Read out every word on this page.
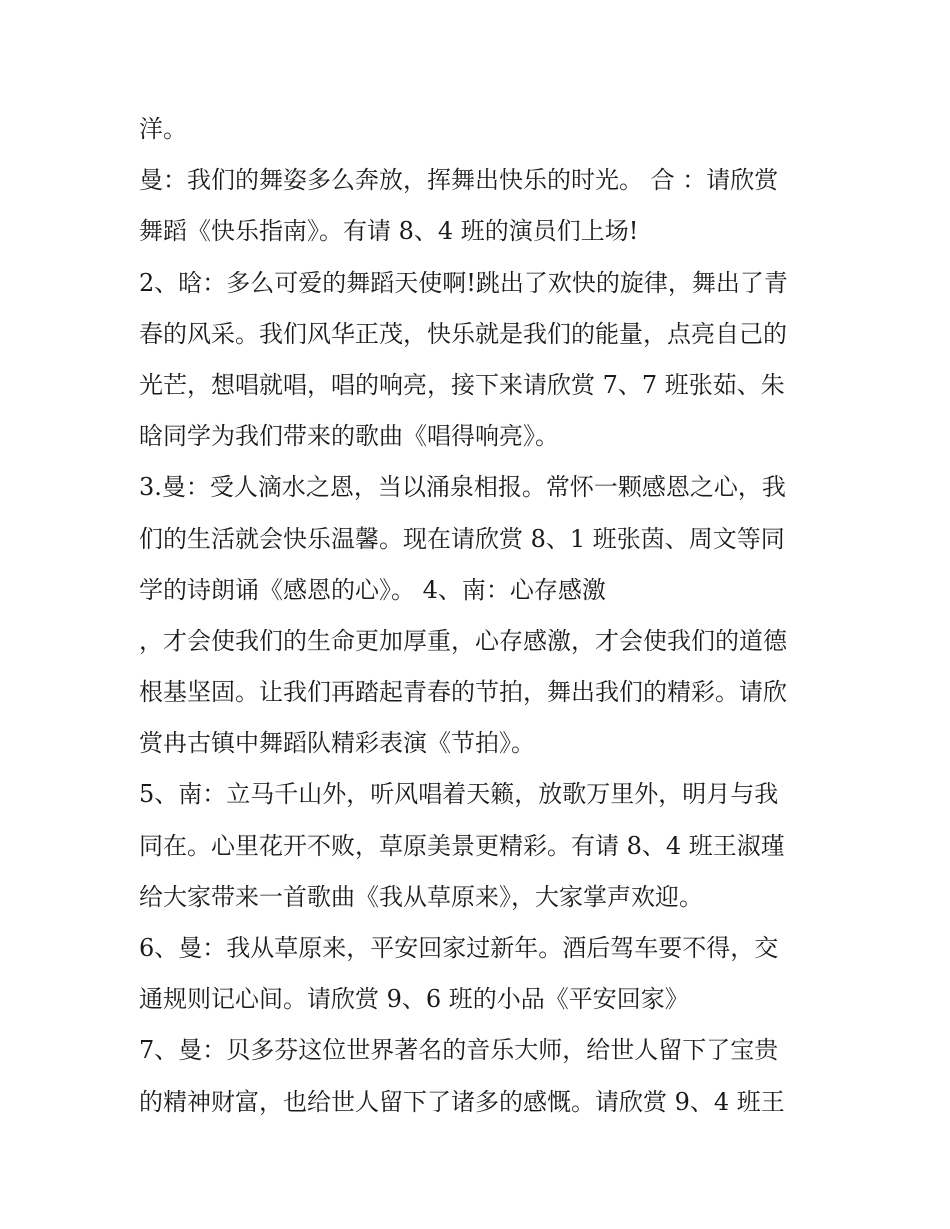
洋。
曼：我们的舞姿多么奔放，挥舞出快乐的时光。 合 ：请欣赏
舞蹈《快乐指南》。有请 8、4 班的演员们上场!
2、晗：多么可爱的舞蹈天使啊!跳出了欢快的旋律，舞出了青
春的风采。我们风华正茂，快乐就是我们的能量，点亮自己的
光芒，想唱就唱，唱的响亮，接下来请欣赏 7、7 班张茹、朱
晗同学为我们带来的歌曲《唱得响亮》。
3.曼：受人滴水之恩，当以涌泉相报。常怀一颗感恩之心，我
们的生活就会快乐温馨。现在请欣赏 8、1 班张茵、周文等同
学的诗朗诵《感恩的心》。 4、南：心存感激
，才会使我们的生命更加厚重，心存感激，才会使我们的道德
根基坚固。让我们再踏起青春的节拍，舞出我们的精彩。请欣
赏冉古镇中舞蹈队精彩表演《节拍》。
5、南：立马千山外，听风唱着天籁，放歌万里外，明月与我
同在。心里花开不败，草原美景更精彩。有请 8、4 班王淑瑾
给大家带来一首歌曲《我从草原来》，大家掌声欢迎。
6、曼：我从草原来，平安回家过新年。酒后驾车要不得，交
通规则记心间。请欣赏 9、6 班的小品《平安回家》
7、曼：贝多芬这位世界著名的音乐大师，给世人留下了宝贵
的精神财富，也给世人留下了诸多的感慨。请欣赏 9、4 班王
